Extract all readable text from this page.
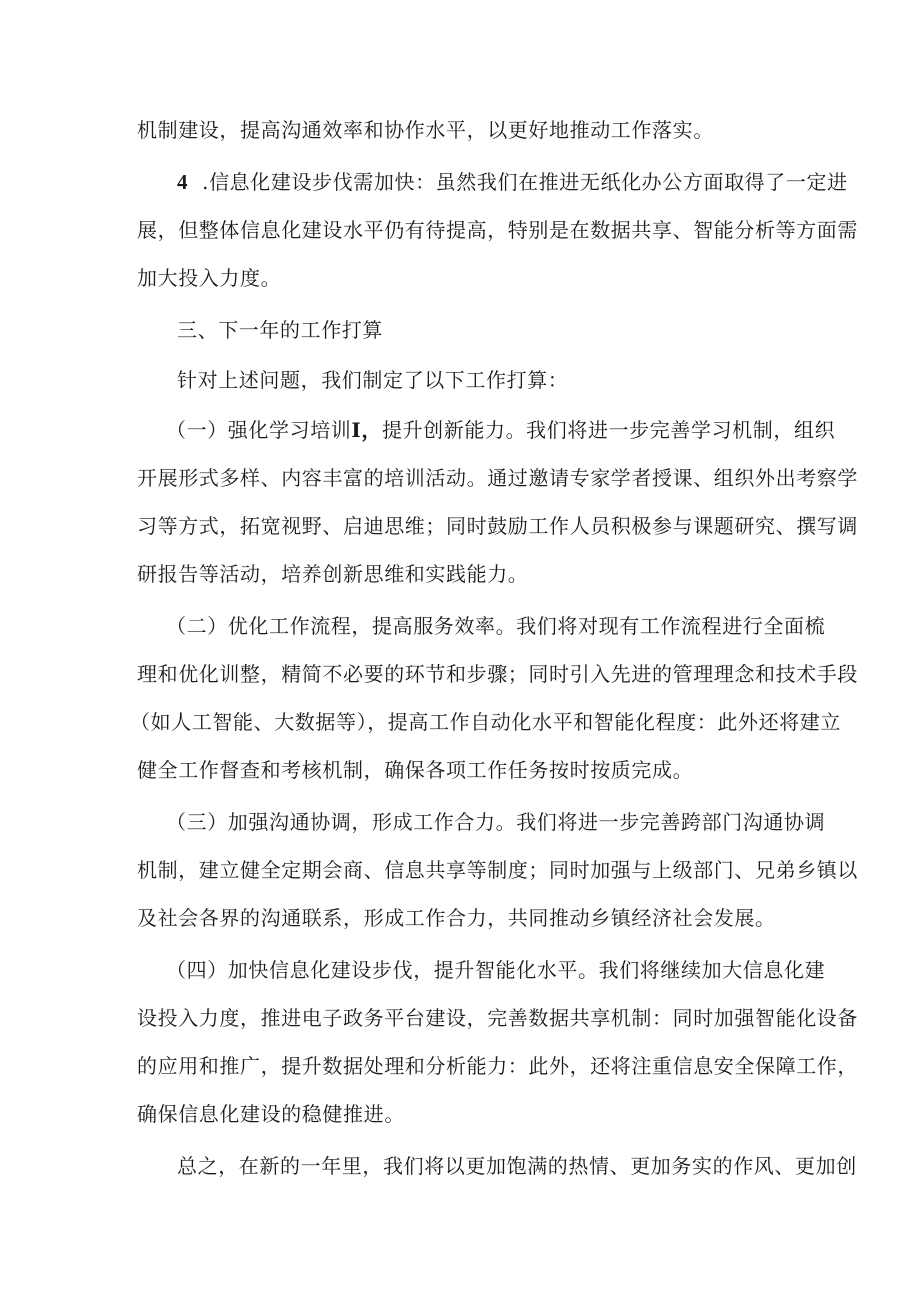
机制建设，提高沟通效率和协作水平，以更好地推动工作落实。
4 .信息化建设步伐需加快：虽然我们在推进无纸化办公方面取得了一定进
展，但整体信息化建设水平仍有待提高，特别是在数据共享、智能分析等方面需
加大投入力度。
三、下一年的工作打算
针对上述问题，我们制定了以下工作打算：
（一）强化学习培训I，提升创新能力。我们将进一步完善学习机制，组织
开展形式多样、内容丰富的培训活动。通过邀请专家学者授课、组织外出考察学
习等方式，拓宽视野、启迪思维；同时鼓励工作人员积极参与课题研究、撰写调
研报告等活动，培养创新思维和实践能力。
（二）优化工作流程，提高服务效率。我们将对现有工作流程进行全面梳
理和优化训整，精简不必要的环节和步骤；同时引入先进的管理理念和技术手段
（如人工智能、大数据等），提高工作自动化水平和智能化程度：此外还将建立
健全工作督查和考核机制，确保各项工作任务按时按质完成。
（三）加强沟通协调，形成工作合力。我们将进一步完善跨部门沟通协调
机制，建立健全定期会商、信息共享等制度；同时加强与上级部门、兄弟乡镇以
及社会各界的沟通联系，形成工作合力，共同推动乡镇经济社会发展。
（四）加快信息化建设步伐，提升智能化水平。我们将继续加大信息化建
设投入力度，推进电子政务平台建设，完善数据共享机制：同时加强智能化设备
的应用和推广，提升数据处理和分析能力：此外，还将注重信息安全保障工作，
确保信息化建设的稳健推进。
总之，在新的一年里，我们将以更加饱满的热情、更加务实的作风、更加创
